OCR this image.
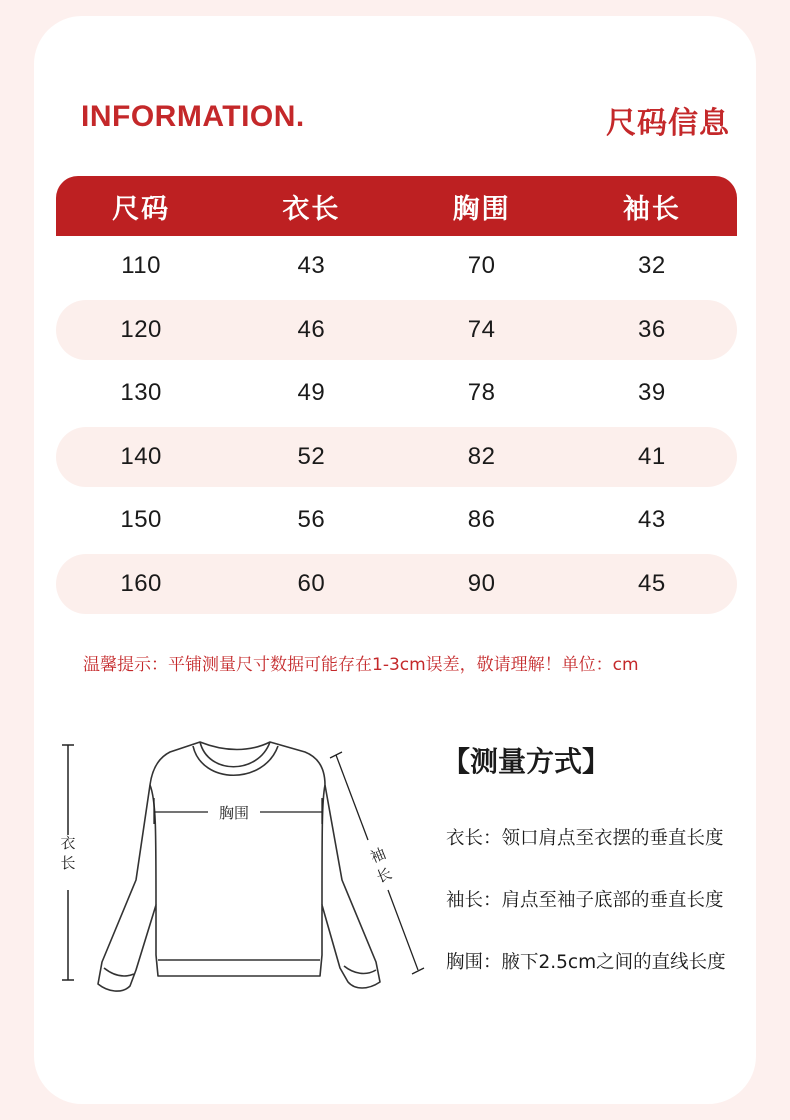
INFORMATION.	尺码信息
尺码	衣长	胸围	袖长
110	43	70	32
120	46	74	36
130	49	78	39
140	52	82	41
150	56	86	43
160	60	90	45
温馨提示：平铺测量尺寸数据可能存在1-3cm误差，敬请理解！单位：cm
衣
长
胸围
袖
长
【测量方式】
衣长：领口肩点至衣摆的垂直长度
袖长：肩点至袖子底部的垂直长度
胸围：腋下2.5cm之间的直线长度
